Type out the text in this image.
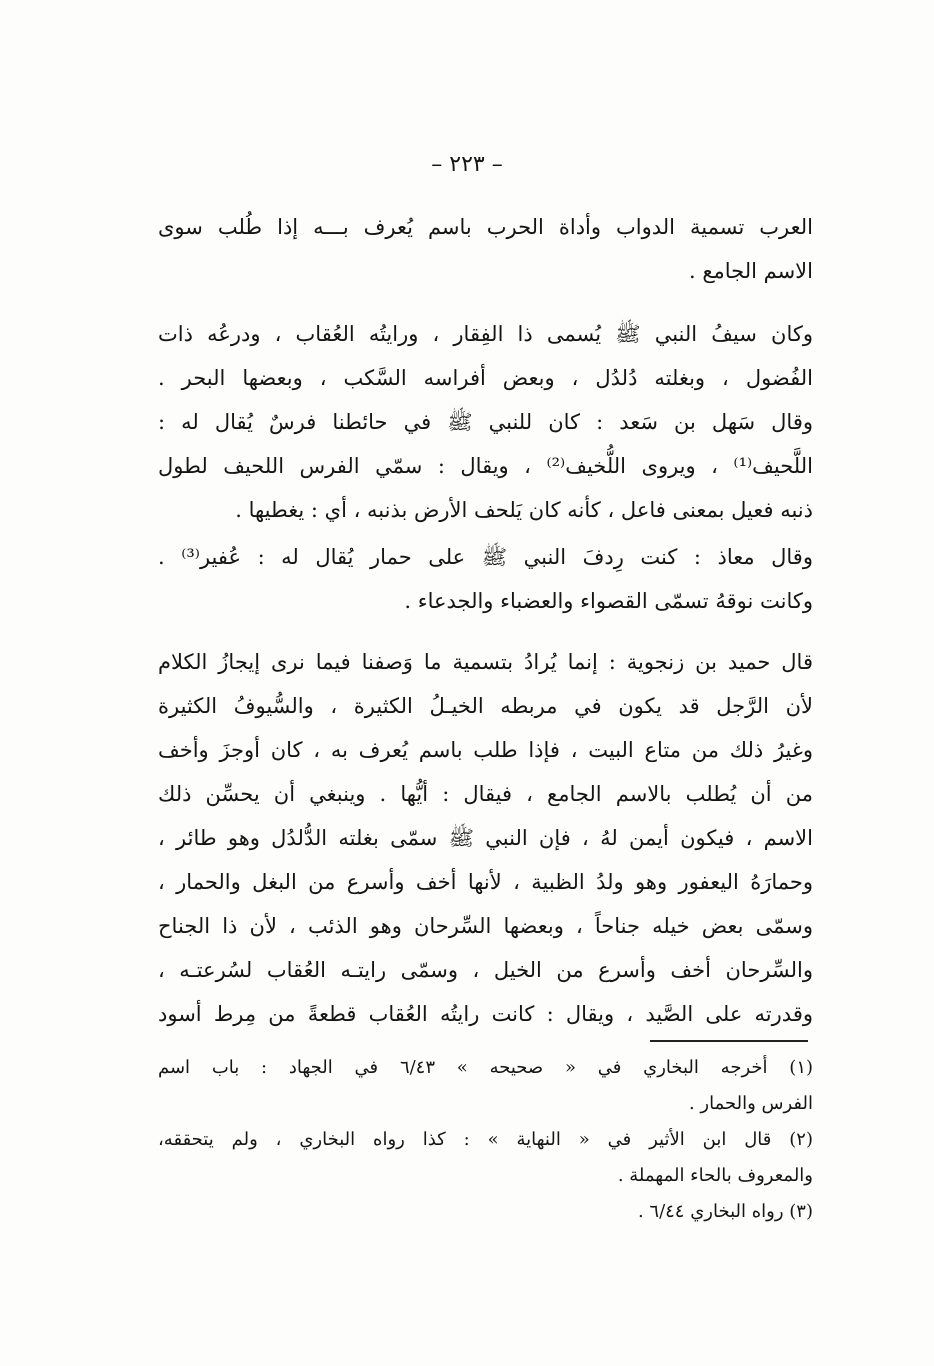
– ٢٢٣ –
العرب تسمية الدواب وأداة الحرب باسم يُعرف بـــه إذا طُلب سوى
الاسم الجامع .
وكان سيفُ النبي ﷺ يُسمى ذا الفِقار ، ورايتُه العُقاب ، ودرعُه ذات
الفُضول ، وبغلته دُلدُل ، وبعض أفراسه السَّكب ، وبعضها البحر .
وقال سَهل بن سَعد : كان للنبي ﷺ في حائطنا فرسٌ يُقال له :
اللَّحيف⁽¹⁾ ، ويروى اللُّخيف⁽²⁾ ، ويقال : سمّي الفرس اللحيف لطول
ذنبه فعيل بمعنى فاعل ، كأنه كان يَلحف الأرض بذنبه ، أي : يغطيها .
وقال معاذ : كنت رِدفَ النبي ﷺ على حمار يُقال له : عُفير⁽³⁾ .
وكانت نوقهُ تسمّى القصواء والعضباء والجدعاء .
قال حميد بن زنجوية : إنما يُرادُ بتسمية ما وَصفنا فيما نرى إيجازُ الكلام
لأن الرَّجل قد يكون في مربطه الخيـلُ الكثيرة ، والسُّيوفُ الكثيرة
وغيرُ ذلك من متاع البيت ، فإذا طلب باسم يُعرف به ، كان أوجزَ وأخف
من أن يُطلب بالاسم الجامع ، فيقال : أيُّها . وينبغي أن يحسِّن ذلك
الاسم ، فيكون أيمن لهُ ، فإن النبي ﷺ سمّى بغلته الدُّلدُل وهو طائر ،
وحمارَهُ اليعفور وهو ولدُ الظبية ، لأنها أخف وأسرع من البغل والحمار ،
وسمّى بعض خيله جناحاً ، وبعضها السِّرحان وهو الذئب ، لأن ذا الجناح
والسِّرحان أخف وأسرع من الخيل ، وسمّى رايتـه العُقاب لسُرعتـه ،
وقدرته على الصَّيد ، ويقال : كانت رايتُه العُقاب قطعةً من مِرط أسود
(١) أخرجه البخاري في « صحيحه » ٦/٤٣ في الجهاد : باب اسم
الفرس والحمار .
(٢) قال ابن الأثير في « النهاية » : كذا رواه البخاري ، ولم يتحققه،
والمعروف بالحاء المهملة .
(٣) رواه البخاري ٦/٤٤ .
